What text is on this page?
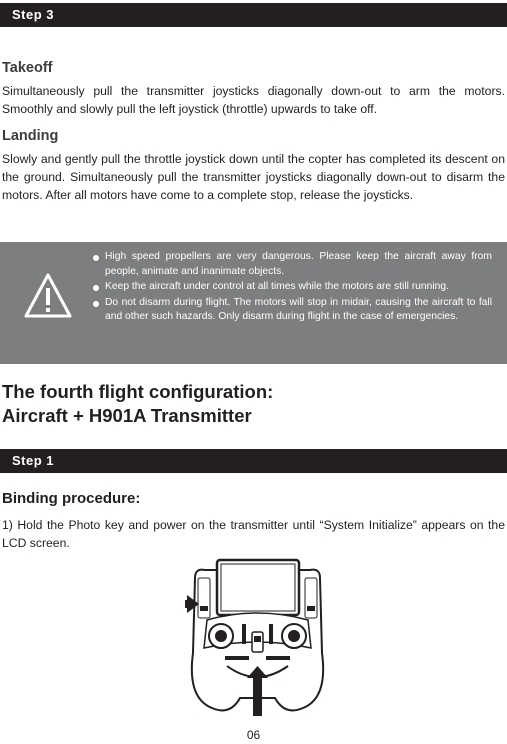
Step 3
Takeoff

Simultaneously pull the transmitter joysticks diagonally down-out to arm the motors. Smoothly and slowly pull the left joystick (throttle) upwards to take off.

Landing

Slowly and gently pull the throttle joystick down until the copter has completed its descent on the ground. Simultaneously pull the transmitter joysticks diagonally down-out to disarm the motors. After all motors have come to a complete stop, release the joysticks.

High speed propellers are very dangerous. Please keep the aircraft away from people, animate and inanimate objects.
Keep the aircraft under control at all times while the motors are still running.
Do not disarm during flight. The motors will stop in midair, causing the aircraft to fall and other such hazards. Only disarm during flight in the case of emergencies.
The fourth flight configuration:
Aircraft + H901A Transmitter
Step 1
Binding procedure:

1) Hold the Photo key and power on the transmitter until “System Initialize” appears on the LCD screen.

06
